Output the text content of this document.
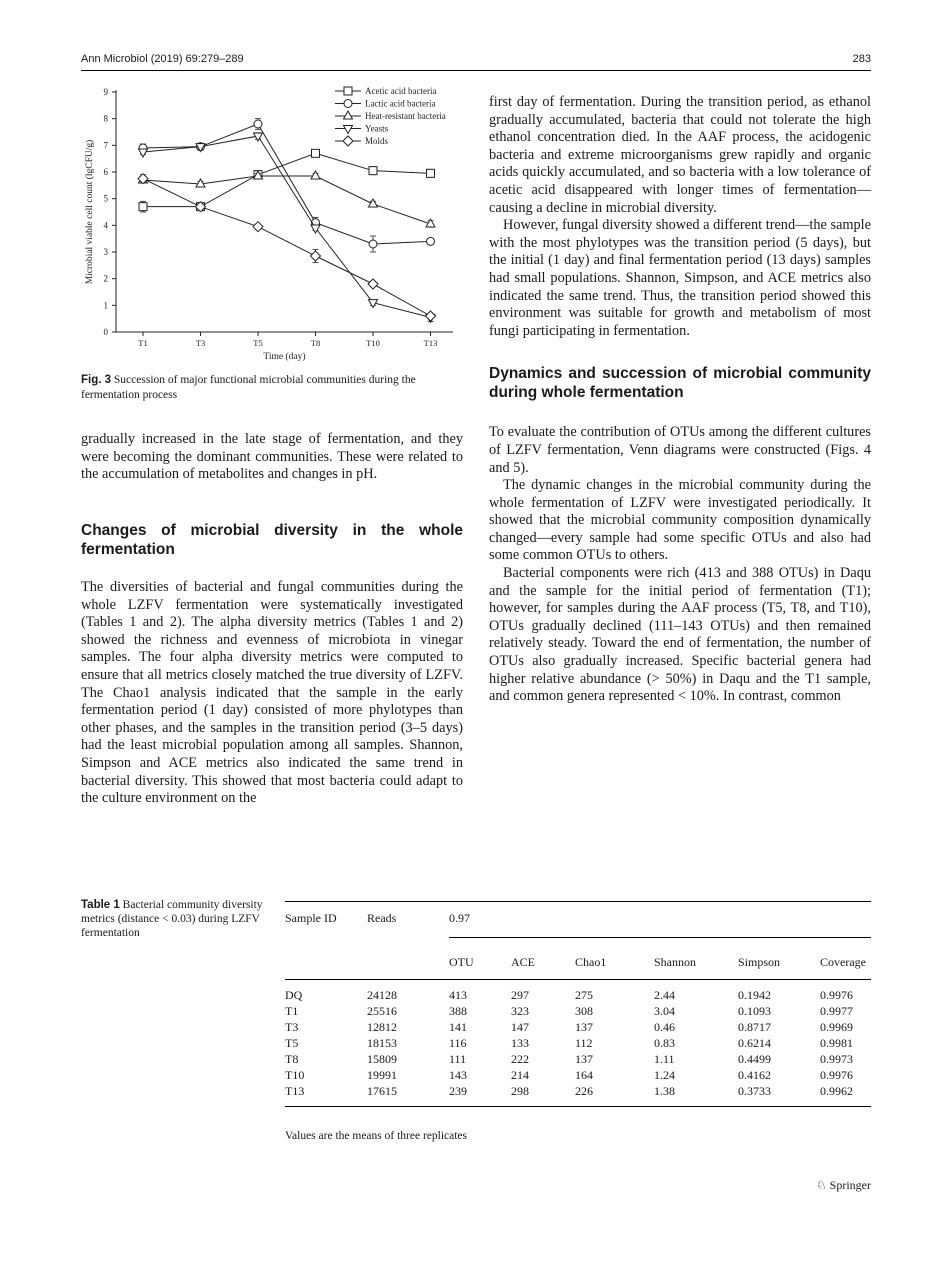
Ann Microbiol (2019) 69:279–289	283
0
1
2
3
4
5
6
7
8
9
T1	T3	T5	T8	T10	T13
Time (day)
Microbial viable cell count (lgCFU/g)
Acetic acid bacteria
Lactic acid bacteria
Heat-resistant bacteria
Yeasts
Molds
Fig. 3 Succession of major functional microbial communities during the fermentation process

gradually increased in the late stage of fermentation, and they were becoming the dominant communities. These were related to the accumulation of metabolites and changes in pH.

Changes of microbial diversity in the whole fermentation

The diversities of bacterial and fungal communities during the whole LZFV fermentation were systematically investigated (Tables 1 and 2). The alpha diversity metrics (Tables 1 and 2) showed the richness and evenness of microbiota in vinegar samples. The four alpha diversity metrics were computed to ensure that all metrics closely matched the true diversity of LZFV. The Chao1 analysis indicated that the sample in the early fermentation period (1 day) consisted of more phylotypes than other phases, and the samples in the transition period (3–5 days) had the least microbial population among all samples. Shannon, Simpson and ACE metrics also indicated the same trend in bacterial diversity. This showed that most bacteria could adapt to the culture environment on the

first day of fermentation. During the transition period, as ethanol gradually accumulated, bacteria that could not tolerate the high ethanol concentration died. In the AAF process, the acidogenic bacteria and extreme microorganisms grew rapidly and organic acids quickly accumulated, and so bacteria with a low tolerance of acetic acid disappeared with longer times of fermentation—causing a decline in microbial diversity.

However, fungal diversity showed a different trend—the sample with the most phylotypes was the transition period (5 days), but the initial (1 day) and final fermentation period (13 days) samples had small populations. Shannon, Simpson, and ACE metrics also indicated the same trend. Thus, the transition period showed this environment was suitable for growth and metabolism of most fungi participating in fermentation.

Dynamics and succession of microbial community during whole fermentation

To evaluate the contribution of OTUs among the different cultures of LZFV fermentation, Venn diagrams were constructed (Figs. 4 and 5).

The dynamic changes in the microbial community during the whole fermentation of LZFV were investigated periodically. It showed that the microbial community composition dynamically changed—every sample had some specific OTUs and also had some common OTUs to others.

Bacterial components were rich (413 and 388 OTUs) in Daqu and the sample for the initial period of fermentation (T1); however, for samples during the AAF process (T5, T8, and T10), OTUs gradually declined (111–143 OTUs) and then remained relatively steady. Toward the end of fermentation, the number of OTUs also gradually increased. Specific bacterial genera had higher relative abundance (> 50%) in Daqu and the T1 sample, and common genera represented < 10%. In contrast, common

Table 1 Bacterial community diversity metrics (distance < 0.03) during LZFV fermentation
Sample ID	Reads	0.97					

		OTU	ACE	Chao1	Shannon	Simpson	Coverage
DQ	24128	413	297	275	2.44	0.1942	0.9976
T1	25516	388	323	308	3.04	0.1093	0.9977
T3	12812	141	147	137	0.46	0.8717	0.9969
T5	18153	116	133	112	0.83	0.6214	0.9981
T8	15809	111	222	137	1.11	0.4499	0.9973
T10	19991	143	214	164	1.24	0.4162	0.9976
T13	17615	239	298	226	1.38	0.3733	0.9962
Values are the means of three replicates
♘ Springer
